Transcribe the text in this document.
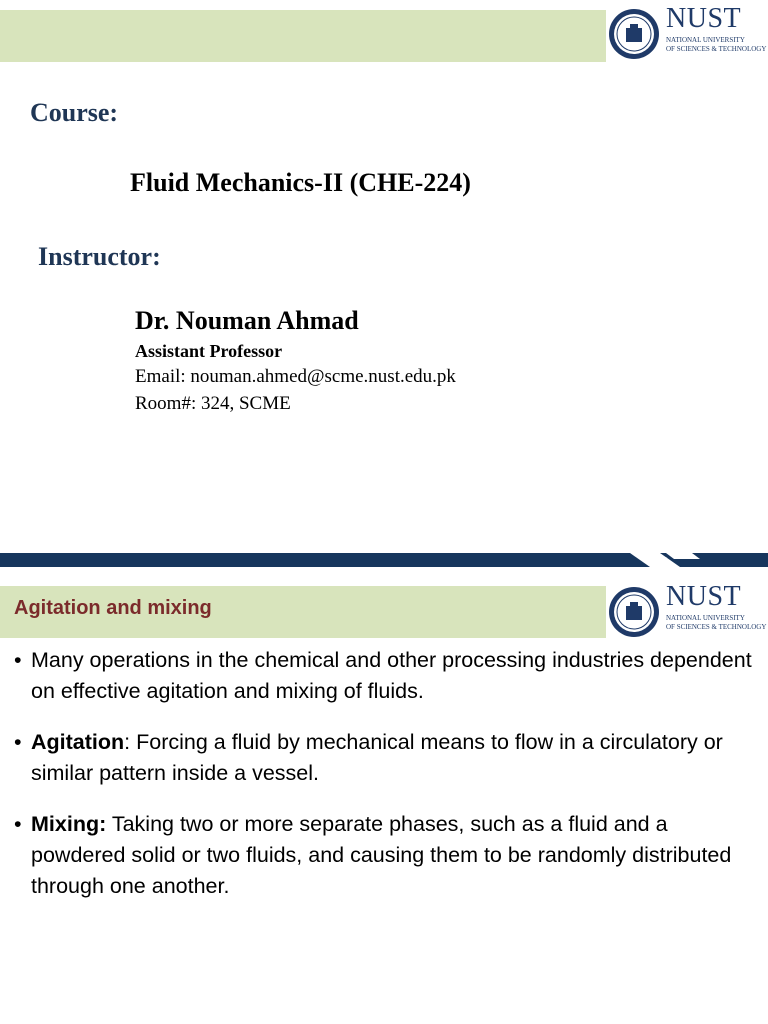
NUST
NATIONAL UNIVERSITY
OF SCIENCES & TECHNOLOGY
Course:
Fluid Mechanics-II (CHE-224)
Instructor:
Dr. Nouman Ahmad
Assistant Professor
Email: nouman.ahmed@scme.nust.edu.pk
Room#: 324, SCME
1
Agitation and mixing	NUST
NATIONAL UNIVERSITY
OF SCIENCES & TECHNOLOGY
• Many operations in the chemical and other processing industries dependent on effective agitation and mixing of fluids.
• Agitation: Forcing a fluid by mechanical means to flow in a circulatory or similar pattern inside a vessel.
• Mixing: Taking two or more separate phases, such as a fluid and a powdered solid or two fluids, and causing them to be randomly distributed through one another.
